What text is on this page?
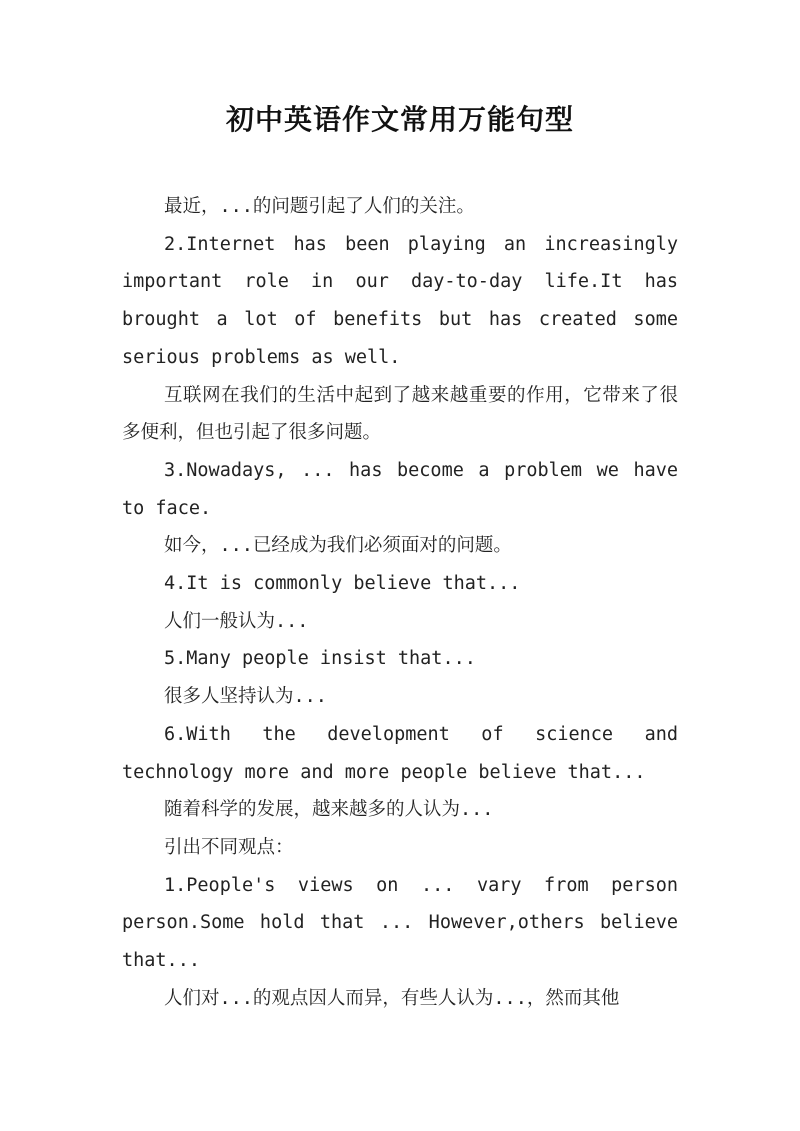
初中英语作文常用万能句型

最近，...的问题引起了人们的关注。

2.Internet has been playing an increasingly important role in our day-to-day life.It has brought a lot of benefits but has created some serious problems as well.

互联网在我们的生活中起到了越来越重要的作用，它带来了很多便利，但也引起了很多问题。

3.Nowadays, ... has become a problem we have to face.

如今，...已经成为我们必须面对的问题。

4.It is commonly believe that...

人们一般认为...

5.Many people insist that...

很多人坚持认为...

6.With the development of science and technology more and more people believe that...

随着科学的发展，越来越多的人认为...

引出不同观点：

1.People's views on ... vary from person person.Some hold that ... However,others believe that...

人们对...的观点因人而异，有些人认为...，然而其他
